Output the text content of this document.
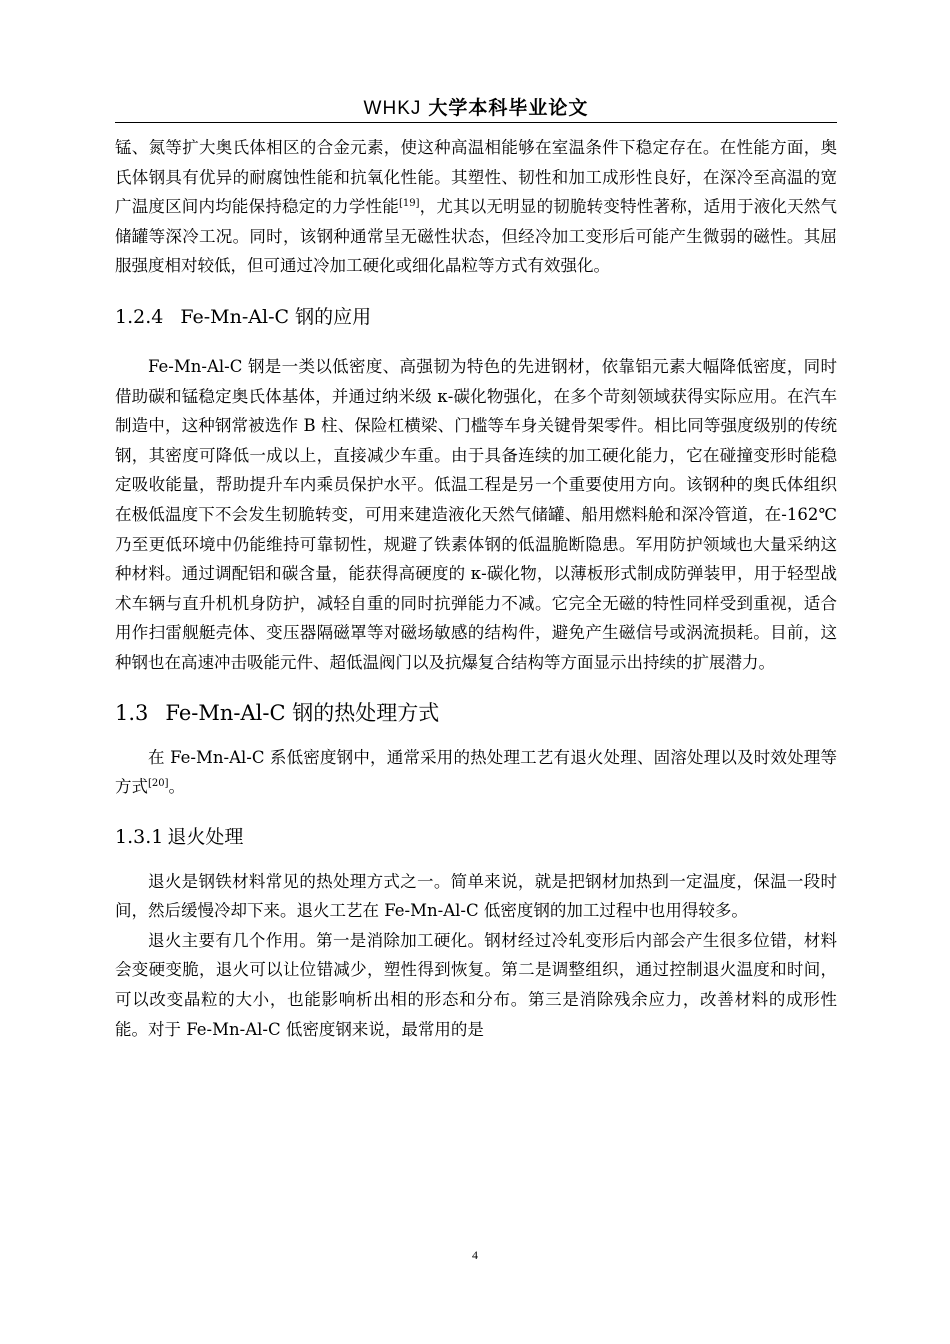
WHKJ 大学本科毕业论文

锰、氮等扩大奥氏体相区的合金元素，使这种高温相能够在室温条件下稳定存在。在性能方面，奥氏体钢具有优异的耐腐蚀性能和抗氧化性能。其塑性、韧性和加工成形性良好，在深冷至高温的宽广温度区间内均能保持稳定的力学性能[19]，尤其以无明显的韧脆转变特性著称，适用于液化天然气储罐等深冷工况。同时，该钢种通常呈无磁性状态，但经冷加工变形后可能产生微弱的磁性。其屈服强度相对较低，但可通过冷加工硬化或细化晶粒等方式有效强化。

1.2.4 Fe-Mn-Al-C 钢的应用

Fe-Mn-Al-C 钢是一类以低密度、高强韧为特色的先进钢材，依靠铝元素大幅降低密度，同时借助碳和锰稳定奥氏体基体，并通过纳米级 κ-碳化物强化，在多个苛刻领域获得实际应用。在汽车制造中，这种钢常被选作 B 柱、保险杠横梁、门槛等车身关键骨架零件。相比同等强度级别的传统钢，其密度可降低一成以上，直接减少车重。由于具备连续的加工硬化能力，它在碰撞变形时能稳定吸收能量，帮助提升车内乘员保护水平。低温工程是另一个重要使用方向。该钢种的奥氏体组织在极低温度下不会发生韧脆转变，可用来建造液化天然气储罐、船用燃料舱和深冷管道，在-162℃乃至更低环境中仍能维持可靠韧性，规避了铁素体钢的低温脆断隐患。军用防护领域也大量采纳这种材料。通过调配铝和碳含量，能获得高硬度的 κ-碳化物，以薄板形式制成防弹装甲，用于轻型战术车辆与直升机机身防护，减轻自重的同时抗弹能力不减。它完全无磁的特性同样受到重视，适合用作扫雷舰艇壳体、变压器隔磁罩等对磁场敏感的结构件，避免产生磁信号或涡流损耗。目前，这种钢也在高速冲击吸能元件、超低温阀门以及抗爆复合结构等方面显示出持续的扩展潜力。

1.3 Fe-Mn-Al-C 钢的热处理方式

在 Fe-Mn-Al-C 系低密度钢中，通常采用的热处理工艺有退火处理、固溶处理以及时效处理等方式[20]。

1.3.1 退火处理

退火是钢铁材料常见的热处理方式之一。简单来说，就是把钢材加热到一定温度，保温一段时间，然后缓慢冷却下来。退火工艺在 Fe-Mn-Al-C 低密度钢的加工过程中也用得较多。

退火主要有几个作用。第一是消除加工硬化。钢材经过冷轧变形后内部会产生很多位错，材料会变硬变脆，退火可以让位错减少，塑性得到恢复。第二是调整组织，通过控制退火温度和时间，可以改变晶粒的大小，也能影响析出相的形态和分布。第三是消除残余应力，改善材料的成形性能。对于 Fe-Mn-Al-C 低密度钢来说，最常用的是

4
